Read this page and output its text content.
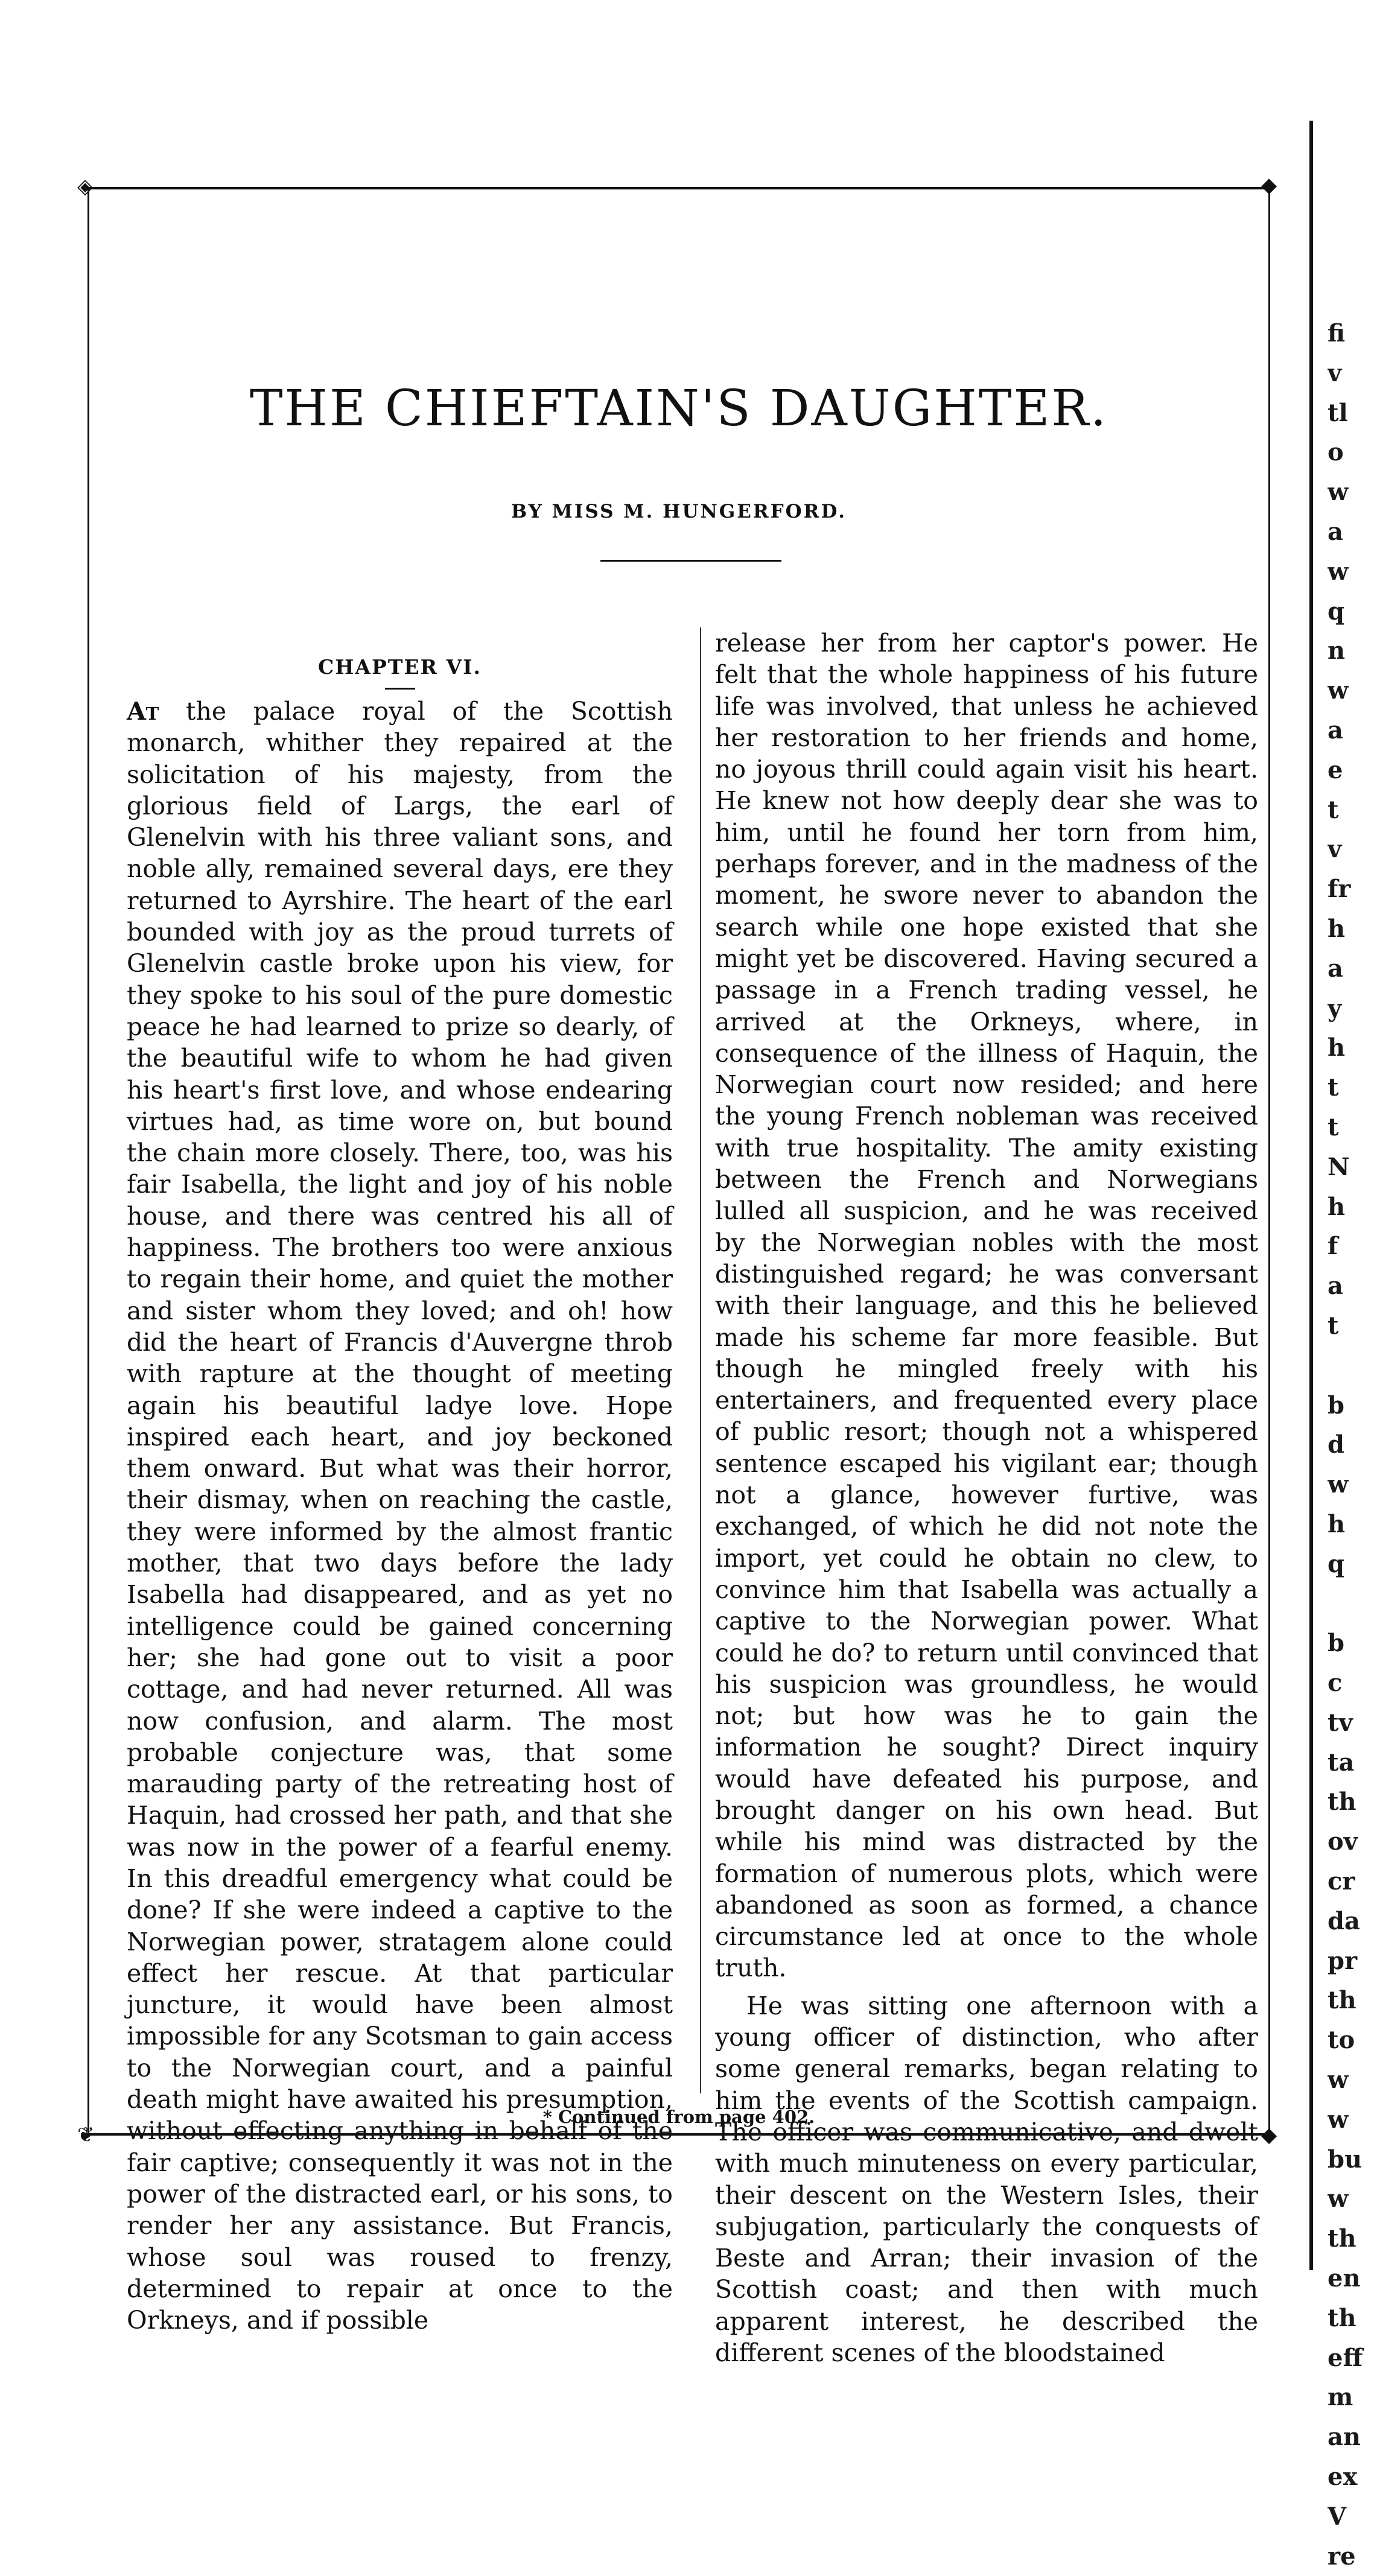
◈	◆
❦	◆
fi
v
tl
o
w
a
w
q
n
w
a
e
t
v
fr
h
a
y
h
t
t
N
h
f
a
t

b
d
w
h
q

b
c
tv
ta
th
ov
cr
da
pr
th
to
w
w
bu
w
th
en
th
eff
m
an
ex
V
re
THE CHIEFTAIN'S DAUGHTER.
BY MISS M. HUNGERFORD.
CHAPTER VI.

At the palace royal of the Scottish monarch, whither they repaired at the solicitation of his majesty, from the glorious field of Largs, the earl of Glenelvin with his three valiant sons, and noble ally, remained several days, ere they returned to Ayrshire. The heart of the earl bounded with joy as the proud turrets of Glenelvin castle broke upon his view, for they spoke to his soul of the pure domestic peace he had learned to prize so dearly, of the beautiful wife to whom he had given his heart's first love, and whose endearing virtues had, as time wore on, but bound the chain more closely. There, too, was his fair Isabella, the light and joy of his noble house, and there was centred his all of happiness. The brothers too were anxious to regain their home, and quiet the mother and sister whom they loved; and oh! how did the heart of Francis d'Auvergne throb with rapture at the thought of meeting again his beautiful ladye love. Hope inspired each heart, and joy beckoned them onward. But what was their horror, their dismay, when on reaching the castle, they were informed by the almost frantic mother, that two days before the lady Isabella had disappeared, and as yet no intelligence could be gained concerning her; she had gone out to visit a poor cottage, and had never returned. All was now confusion, and alarm. The most probable conjecture was, that some marauding party of the retreating host of Haquin, had crossed her path, and that she was now in the power of a fearful enemy. In this dreadful emergency what could be done? If she were indeed a captive to the Norwegian power, stratagem alone could effect her rescue. At that particular juncture, it would have been almost impossible for any Scotsman to gain access to the Norwegian court, and a painful death might have awaited his presumption, without effecting anything in behalf of the fair captive; consequently it was not in the power of the distracted earl, or his sons, to render her any assistance. But Francis, whose soul was roused to frenzy, determined to repair at once to the Orkneys, and if possible

release her from her captor's power. He felt that the whole happiness of his future life was involved, that unless he achieved her restoration to her friends and home, no joyous thrill could again visit his heart. He knew not how deeply dear she was to him, until he found her torn from him, perhaps forever, and in the madness of the moment, he swore never to abandon the search while one hope existed that she might yet be discovered. Having secured a passage in a French trading vessel, he arrived at the Orkneys, where, in consequence of the illness of Haquin, the Norwegian court now resided; and here the young French nobleman was received with true hospitality. The amity existing between the French and Norwegians lulled all suspicion, and he was received by the Norwegian nobles with the most distinguished regard; he was conversant with their language, and this he believed made his scheme far more feasible. But though he mingled freely with his entertainers, and frequented every place of public resort; though not a whispered sentence escaped his vigilant ear; though not a glance, however furtive, was exchanged, of which he did not note the import, yet could he obtain no clew, to convince him that Isabella was actually a captive to the Norwegian power. What could he do? to return until convinced that his suspicion was groundless, he would not; but how was he to gain the information he sought? Direct inquiry would have defeated his purpose, and brought danger on his own head. But while his mind was distracted by the formation of numerous plots, which were abandoned as soon as formed, a chance circumstance led at once to the whole truth.

He was sitting one afternoon with a young officer of distinction, who after some general remarks, began relating to him the events of the Scottish campaign. The officer was communicative, and dwelt with much minuteness on every particular, their descent on the Western Isles, their subjugation, particularly the conquests of Beste and Arran; their invasion of the Scottish coast; and then with much apparent interest, he described the different scenes of the bloodstained

* Continued from page 402.
